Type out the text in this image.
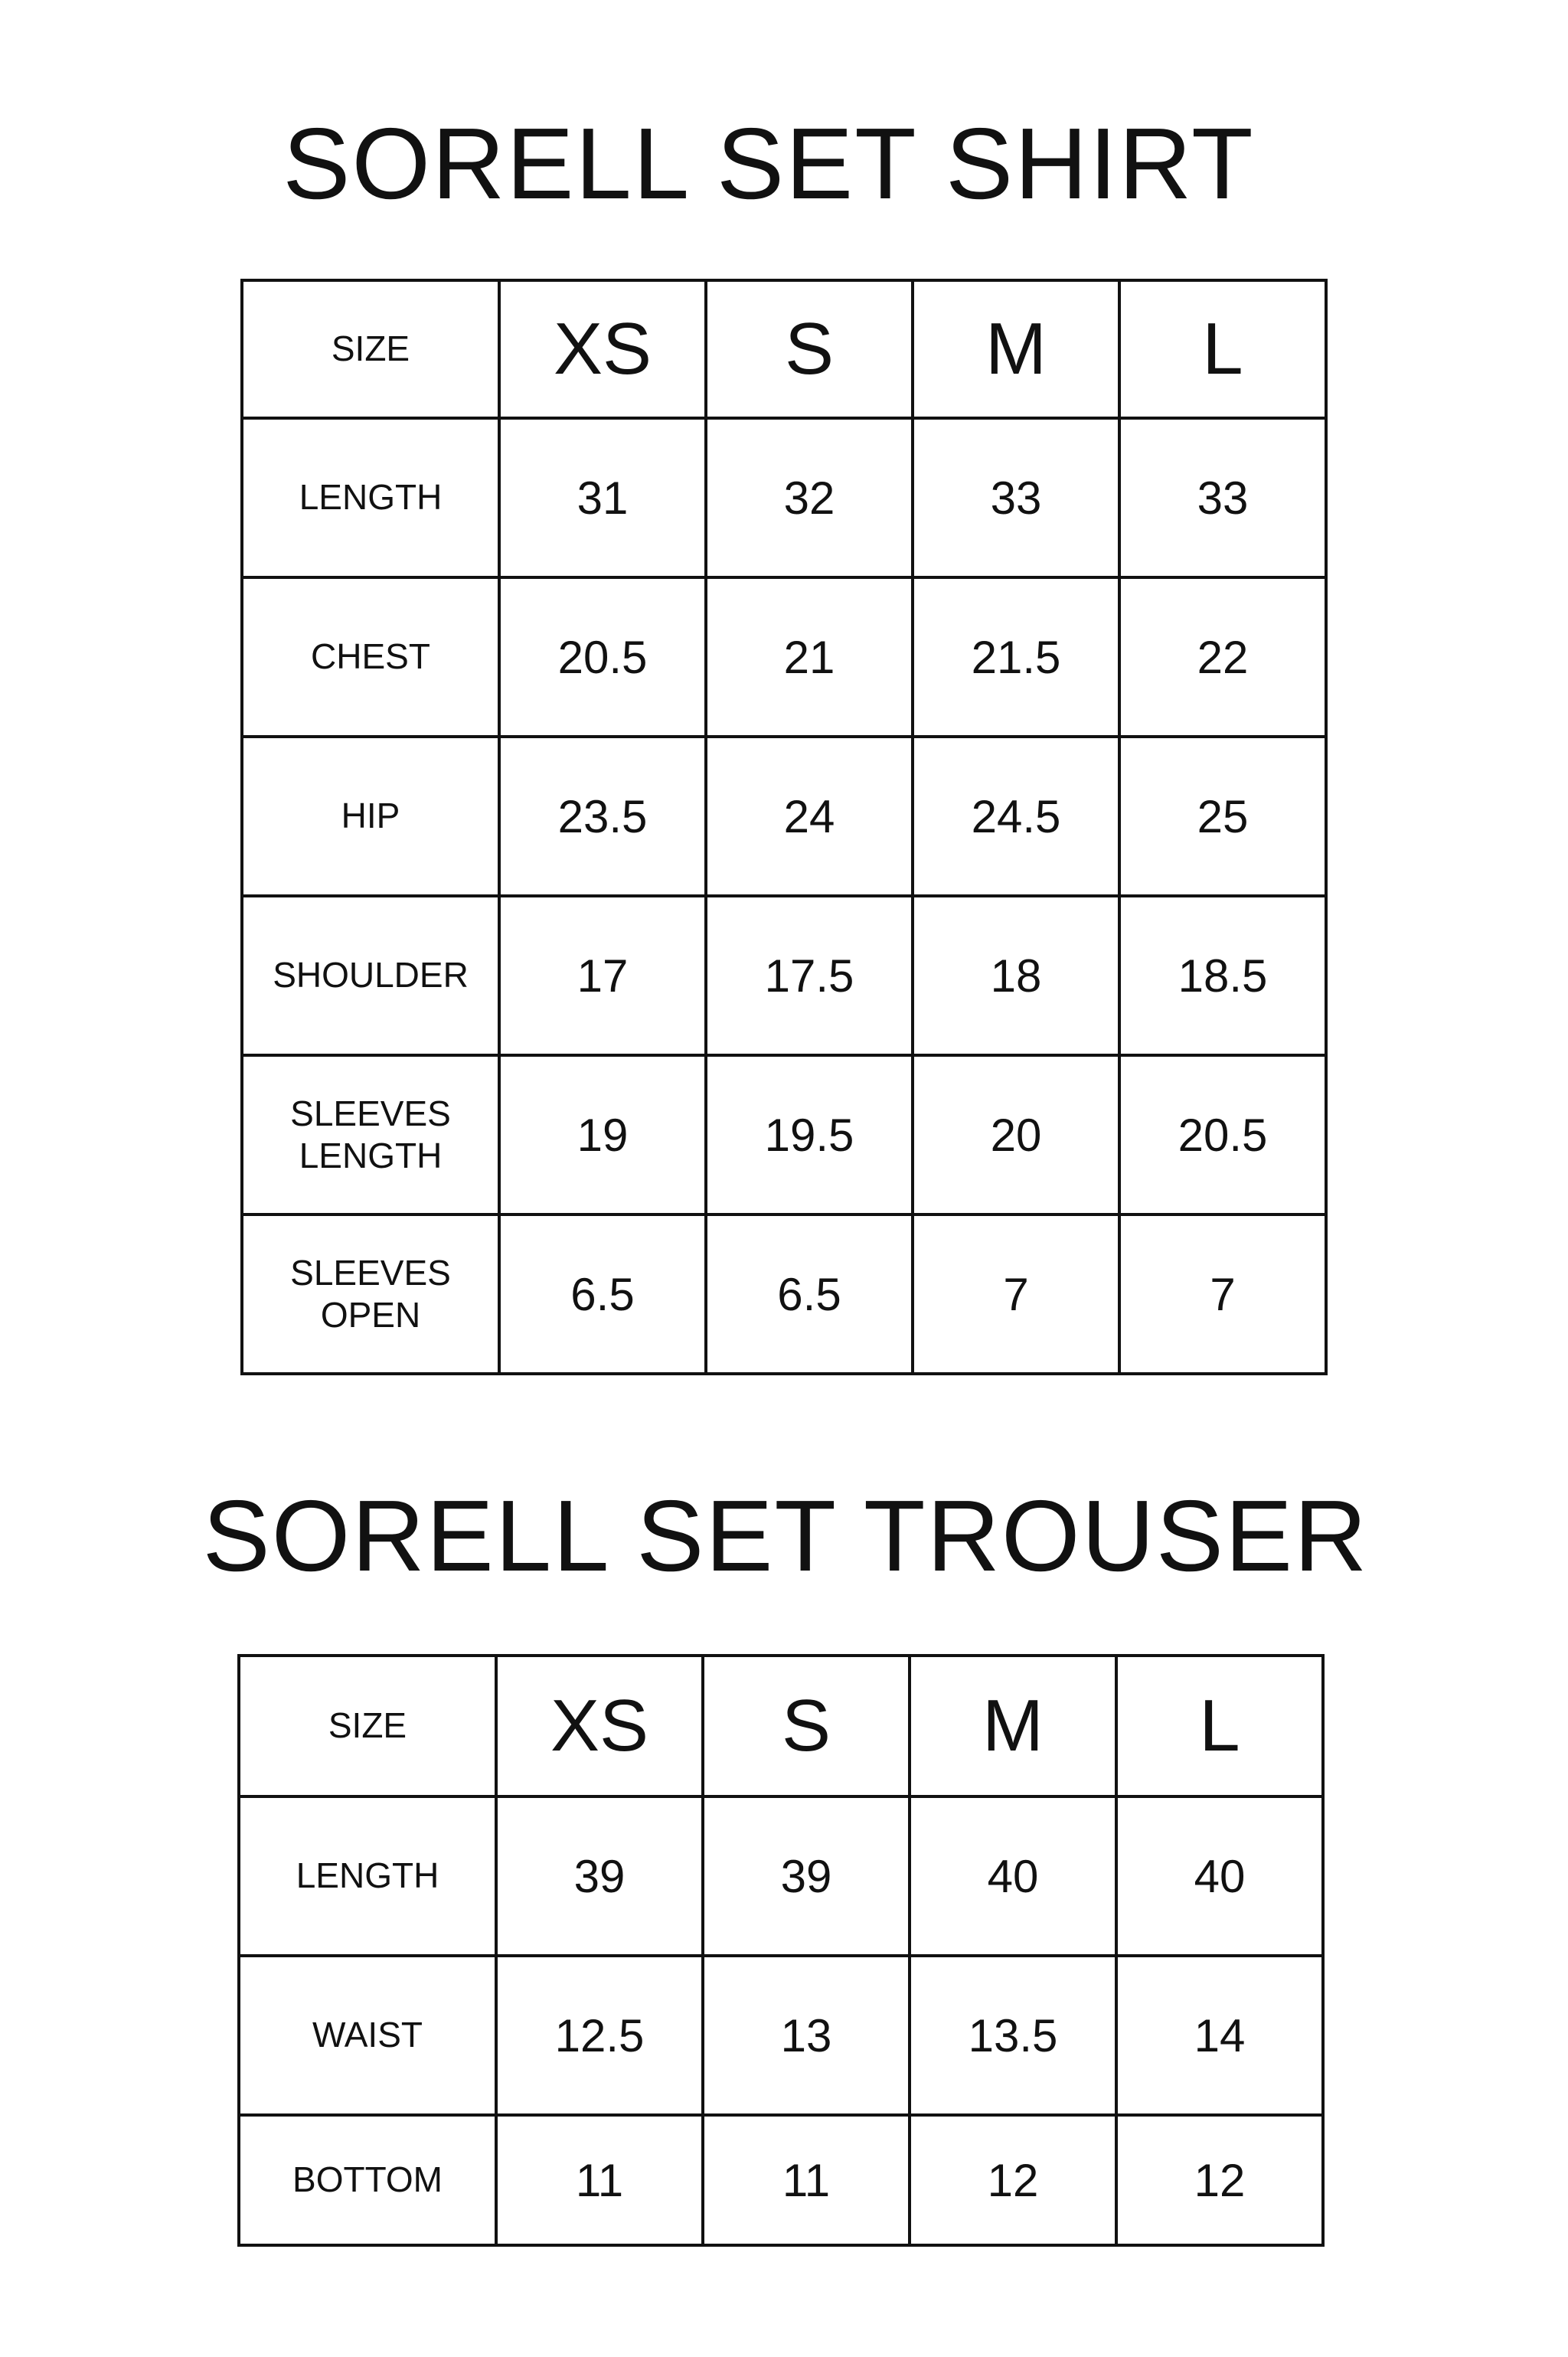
SORELL SET SHIRT
SIZE	XS	S	M	L
LENGTH	31	32	33	33
CHEST	20.5	21	21.5	22
HIP	23.5	24	24.5	25
SHOULDER	17	17.5	18	18.5
SLEEVES LENGTH	19	19.5	20	20.5
SLEEVES OPEN	6.5	6.5	7	7
SORELL SET TROUSER
SIZE	XS	S	M	L
LENGTH	39	39	40	40
WAIST	12.5	13	13.5	14
BOTTOM	11	11	12	12
